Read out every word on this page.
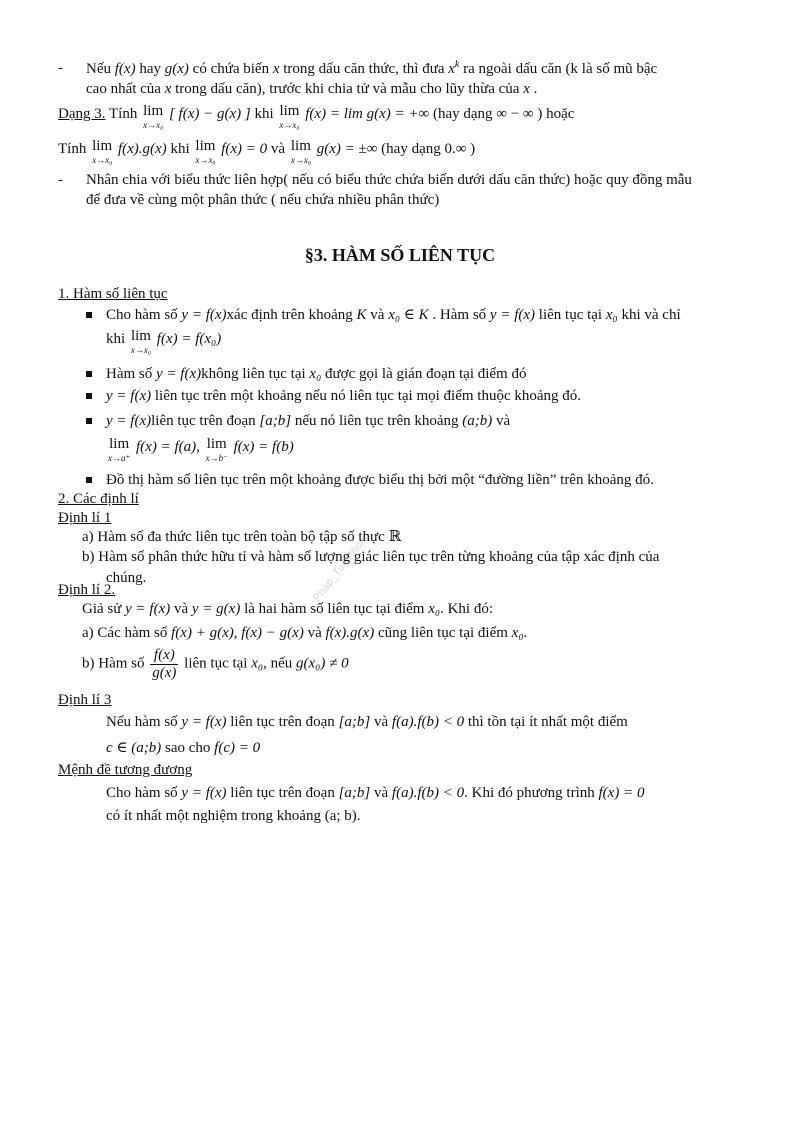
Phap_Tuy Phong
-	Nếu f(x) hay g(x) có chứa biến x trong dấu căn thức, thì đưa $x^k$ ra ngoài dấu căn (k là số mũ bậc
cao nhất của x trong dấu căn), trước khi chia tử và mẫu cho lũy thừa của x .
Dạng 3. Tính lim
x→x₀
[ f(x) − g(x) ] khi lim
x→x₀
f(x) = lim g(x) = +∞ (hay dạng ∞ − ∞ ) hoặc
Tính lim
x→x₀
f(x).g(x) khi lim
x→x₀
f(x) = 0 và lim
x→x₀
g(x) = ±∞ (hay dạng 0.∞ )
-	Nhân chia với biểu thức liên hợp( nếu có biểu thức chứa biến dưới dấu căn thức) hoặc quy đồng mẫu
để đưa về cùng một phân thức ( nếu chứa nhiều phân thức)
§3. HÀM SỐ LIÊN TỤC
1. Hàm số liên tục
Cho hàm số y = f(x)xác định trên khoảng K và x₀ ∈ K . Hàm số y = f(x) liên tục tại x₀ khi và chỉ
khi lim
x→x₀
f(x) = f(x₀)
Hàm số y = f(x)không liên tục tại x₀ được gọi là gián đoạn tại điểm đó
y = f(x) liên tục trên một khoảng nếu nó liên tục tại mọi điểm thuộc khoảng đó.
y = f(x)liên tục trên đoạn [a;b] nếu nó liên tục trên khoảng (a;b) và
lim
x→a⁺
f(x) = f(a), lim
x→b⁻
f(x) = f(b)
Đồ thị hàm số liên tục trên một khoảng được biểu thị bởi một “đường liền” trên khoảng đó.
2. Các định lí
Định lí 1
a) Hàm số đa thức liên tục trên toàn bộ tập số thực ℝ
b) Hàm số phân thức hữu tỉ và hàm số lượng giác liên tục trên từng khoảng của tập xác định của
chúng.
Định lí 2.
Giả sử y = f(x) và y = g(x) là hai hàm số liên tục tại điểm x₀. Khi đó:
a) Các hàm số f(x) + g(x), f(x) − g(x) và f(x).g(x) cũng liên tục tại điểm x₀.
b) Hàm số $\frac{f(x)}{g(x)}$ liên tục tại x₀, nếu g(x₀) ≠ 0
Định lí 3
Nếu hàm số y = f(x) liên tục trên đoạn [a;b] và f(a).f(b) < 0 thì tồn tại ít nhất một điểm
c ∈ (a;b) sao cho f(c) = 0
Mệnh đề tương đương
Cho hàm số y = f(x) liên tục trên đoạn [a;b] và f(a).f(b) < 0. Khi đó phương trình f(x) = 0
có ít nhất một nghiệm trong khoảng (a; b).
